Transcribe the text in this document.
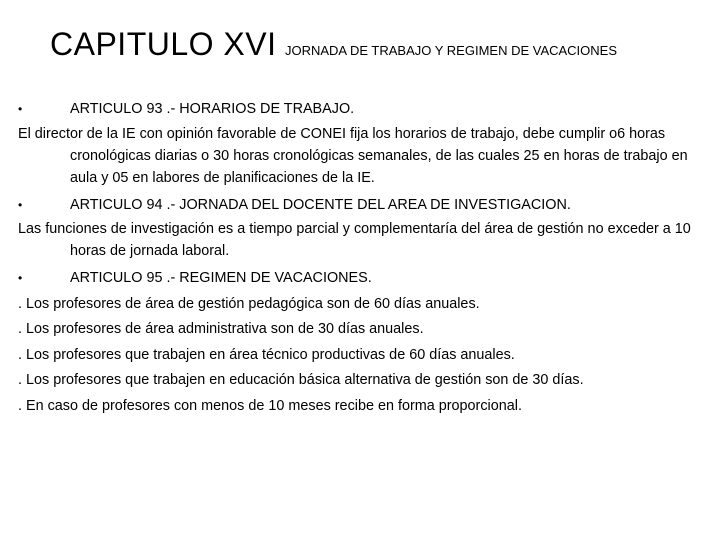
CAPITULO XVI JORNADA DE TRABAJO Y REGIMEN DE VACACIONES
•	ARTICULO 93 .- HORARIOS DE TRABAJO.
El director de la IE con opinión favorable de CONEI fija los horarios de trabajo, debe cumplir o6 horas cronológicas diarias o 30 horas cronológicas semanales, de las cuales 25 en horas de trabajo en aula y 05 en labores de planificaciones de la IE.
•	ARTICULO 94 .- JORNADA DEL DOCENTE DEL AREA DE INVESTIGACION.
Las funciones de investigación es a tiempo parcial y complementaría del área de gestión no exceder a 10 horas de jornada laboral.
•	ARTICULO 95 .- REGIMEN DE VACACIONES.
. Los profesores de área de gestión pedagógica son de 60 días anuales.
. Los profesores de área administrativa son de 30 días anuales.
. Los profesores que trabajen en área técnico productivas de 60 días anuales.
. Los profesores que trabajen en educación básica alternativa de gestión son de 30 días.
. En caso de profesores con menos de 10 meses recibe en forma proporcional.
